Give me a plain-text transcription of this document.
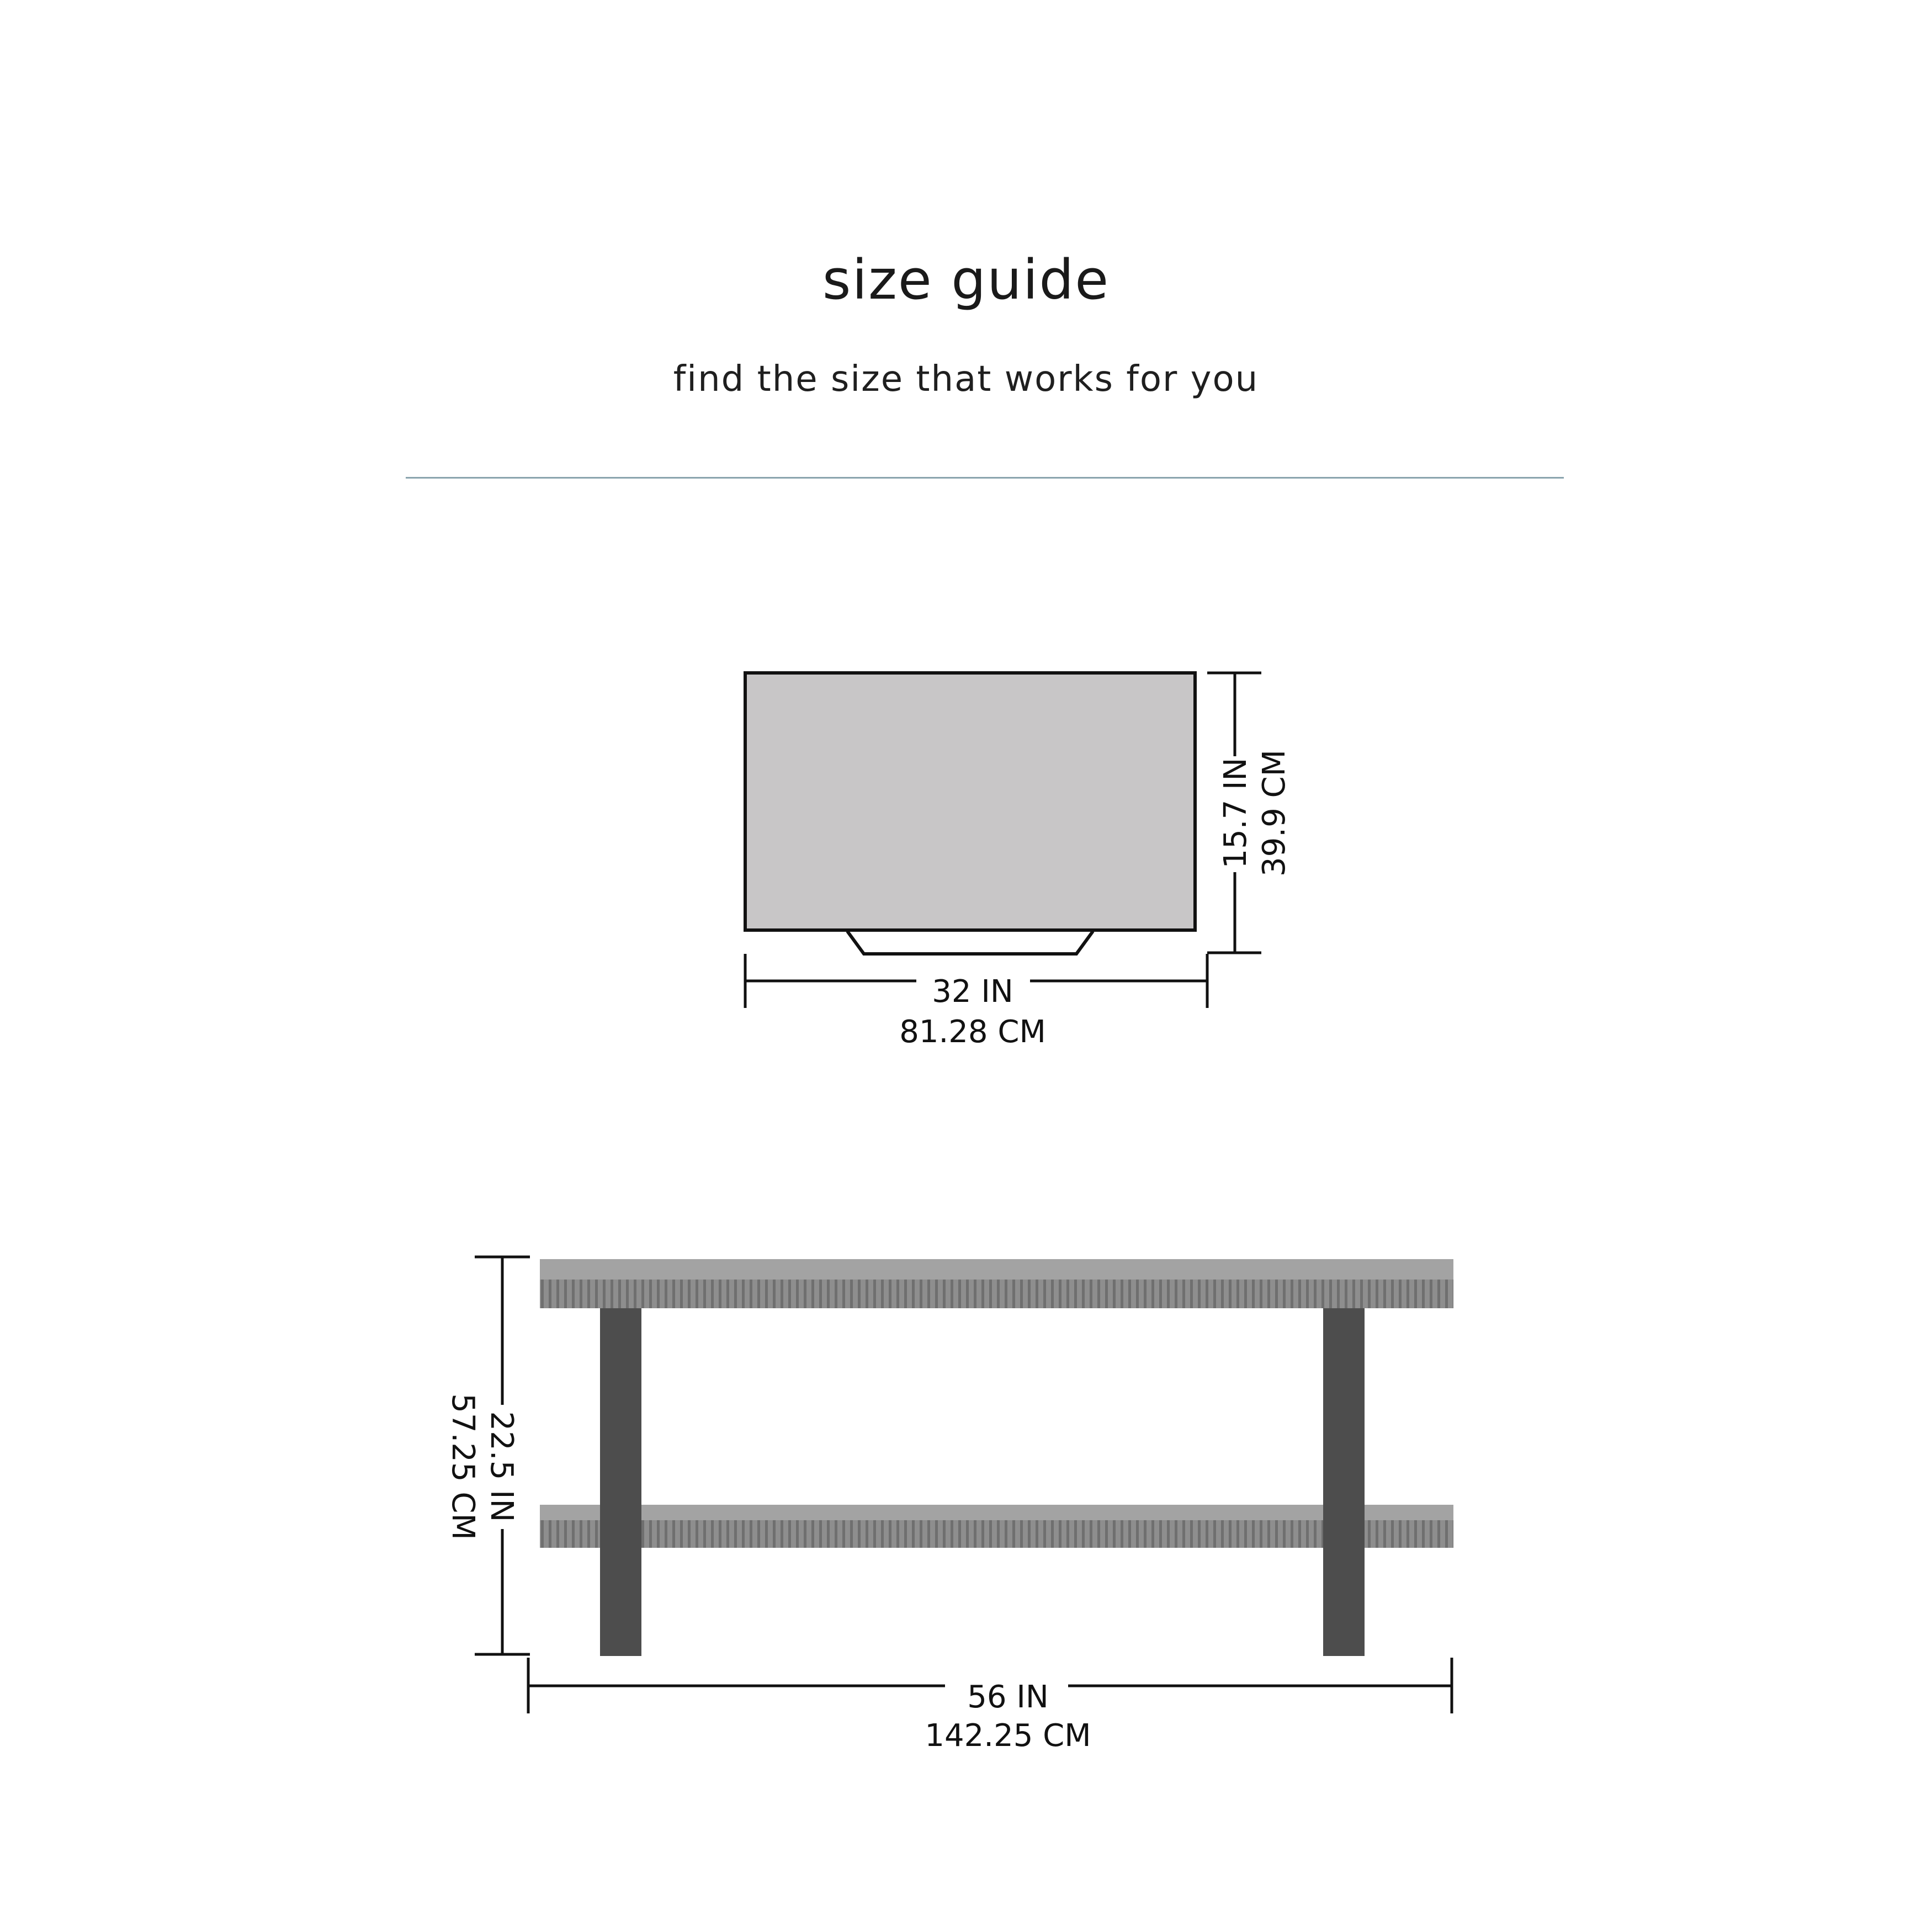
size guide
find the size that works for you
32 IN
81.28 CM
15.7 IN 39.9 CM
22.5 IN
57.25 CM
56 IN
142.25 CM
